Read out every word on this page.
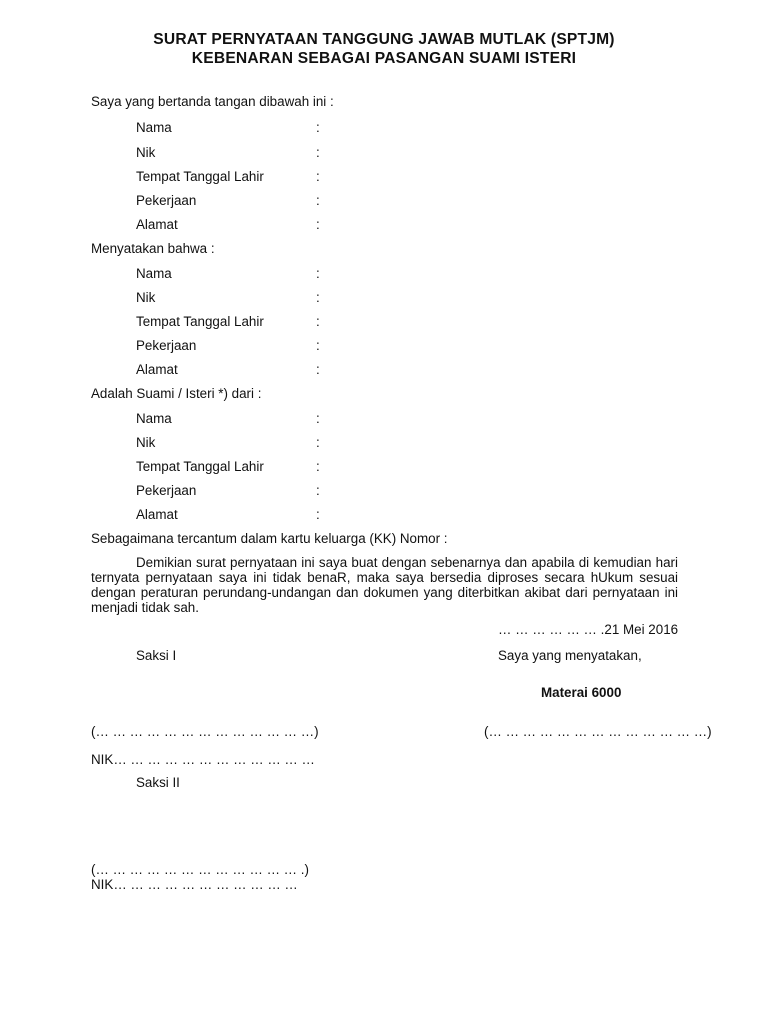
SURAT PERNYATAAN TANGGUNG JAWAB MUTLAK (SPTJM)
KEBENARAN SEBAGAI PASANGAN SUAMI ISTERI
Saya yang bertanda tangan dibawah ini :
Nama	:
Nik	:
Tempat Tanggal Lahir	:
Pekerjaan	:
Alamat	:
Menyatakan bahwa :
Nama	:
Nik	:
Tempat Tanggal Lahir	:
Pekerjaan	:
Alamat	:
Adalah Suami / Isteri *) dari :
Nama	:
Nik	:
Tempat Tanggal Lahir	:
Pekerjaan	:
Alamat	:
Sebagaimana tercantum dalam kartu keluarga (KK) Nomor :

Demikian surat pernyataan ini saya buat dengan sebenarnya dan apabila di kemudian hari ternyata pernyataan saya ini tidak benaR, maka saya bersedia diproses secara hUkum sesuai dengan peraturan perundang-undangan dan dokumen yang diterbitkan akibat dari pernyataan ini menjadi tidak sah.

… … … … … … .21 Mei 2016
Saksi I	Saya yang menyatakan,
Materai 6000
(… … … … … … … … … … … … …)	(… … … … … … … … … … … … …)
NIK… … … … … … … … … … … …
Saksi II
(… … … … … … … … … … … … .)
NIK… … … … … … … … … … …
